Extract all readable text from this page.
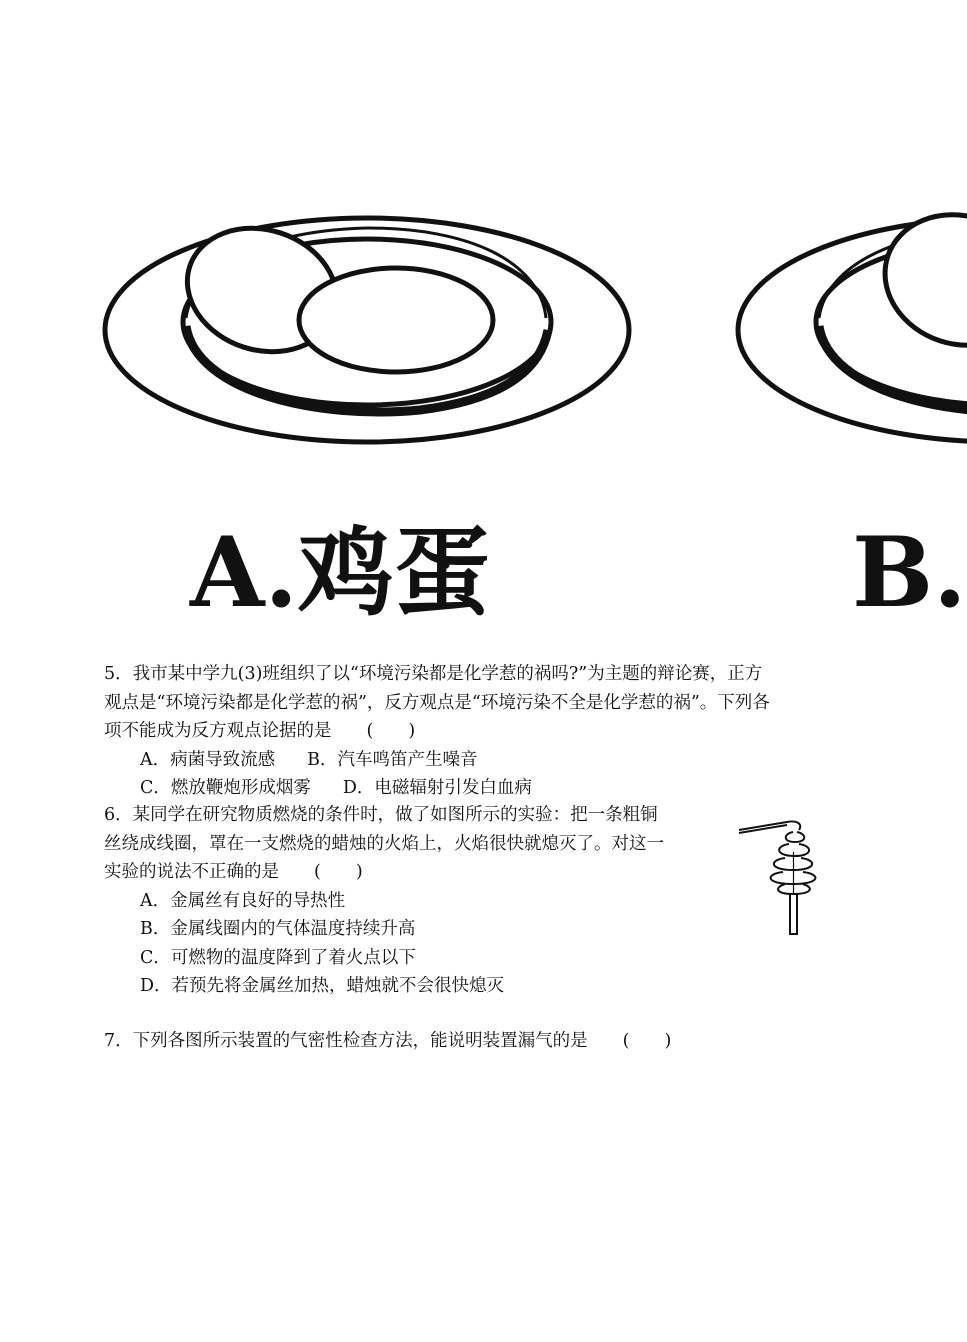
A.鸡蛋	B.
5．我市某中学九(3)班组织了以“环境污染都是化学惹的祸吗?”为主题的辩论赛，正方
观点是“环境污染都是化学惹的祸”，反方观点是“环境污染不全是化学惹的祸”。下列各
项不能成为反方观点论据的是　　 (　　)
A．病菌导致流感 B．汽车鸣笛产生噪音
C．燃放鞭炮形成烟雾 D．电磁辐射引发白血病
6．某同学在研究物质燃烧的条件时，做了如图所示的实验：把一条粗铜
丝绕成线圈，罩在一支燃烧的蜡烛的火焰上，火焰很快就熄灭了。对这一
实验的说法不正确的是　　 (　　)
A．金属丝有良好的导热性
B．金属线圈内的气体温度持续升高
C．可燃物的温度降到了着火点以下
D．若预先将金属丝加热，蜡烛就不会很快熄灭
7．下列各图所示装置的气密性检查方法，能说明装置漏气的是　　 (　　)
